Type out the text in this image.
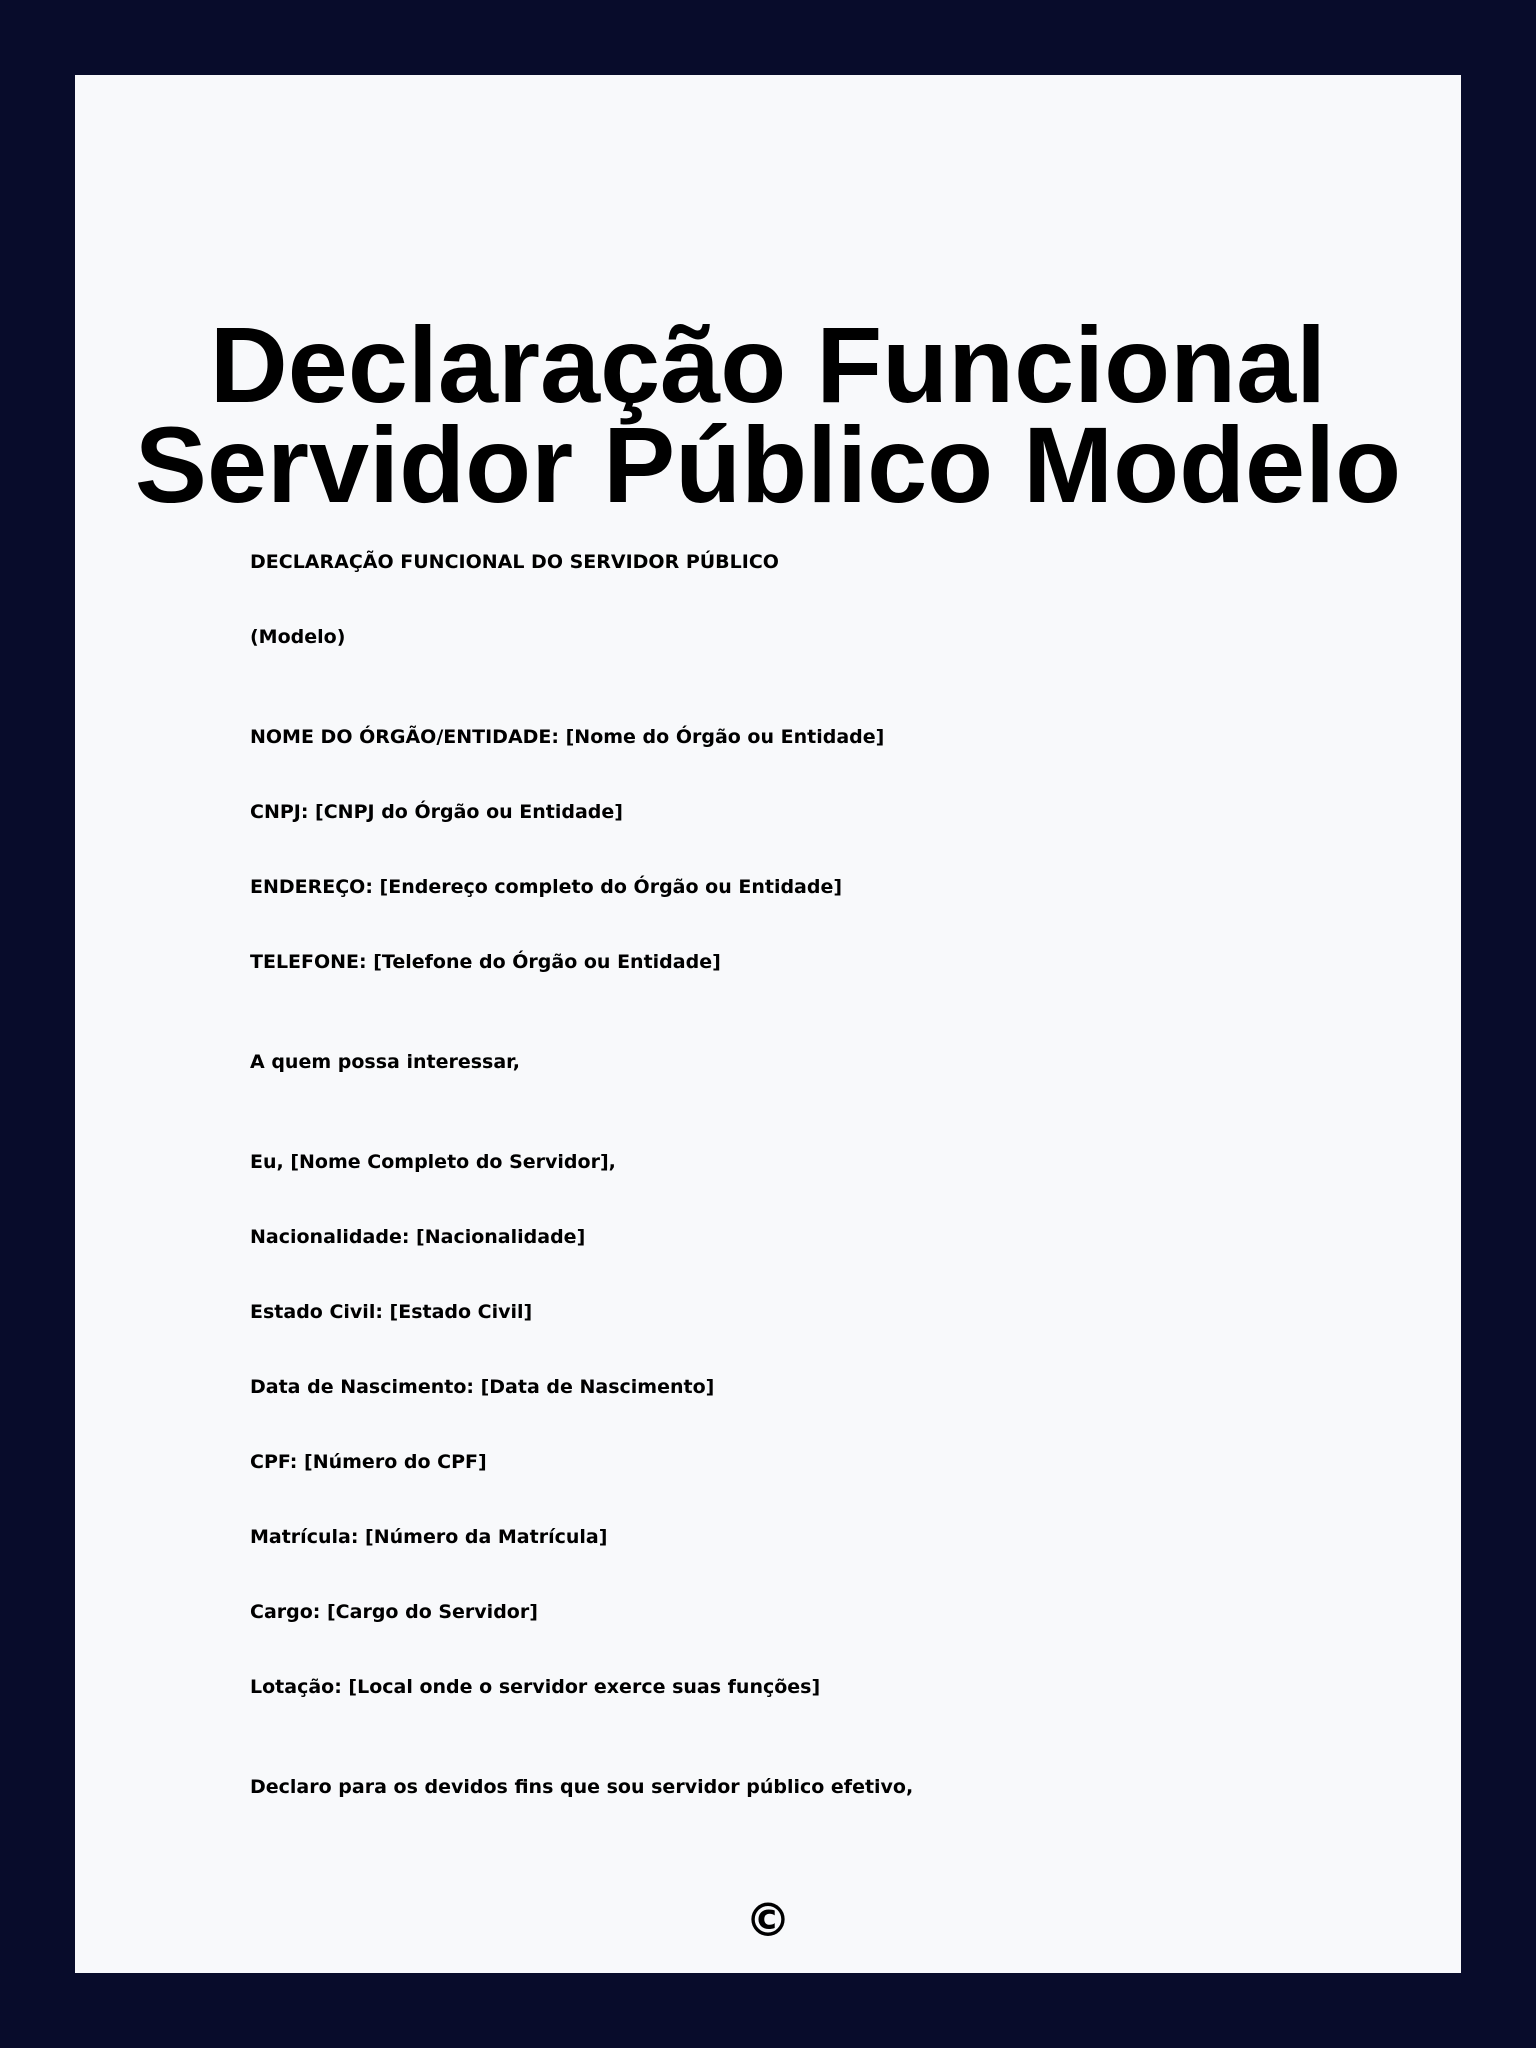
Declaração Funcional
Servidor Público Modelo

DECLARAÇÃO FUNCIONAL DO SERVIDOR PÚBLICO

(Modelo)

NOME DO ÓRGÃO/ENTIDADE: [Nome do Órgão ou Entidade]

CNPJ: [CNPJ do Órgão ou Entidade]

ENDEREÇO: [Endereço completo do Órgão ou Entidade]

TELEFONE: [Telefone do Órgão ou Entidade]

A quem possa interessar,

Eu, [Nome Completo do Servidor],

Nacionalidade: [Nacionalidade]

Estado Civil: [Estado Civil]

Data de Nascimento: [Data de Nascimento]

CPF: [Número do CPF]

Matrícula: [Número da Matrícula]

Cargo: [Cargo do Servidor]

Lotação: [Local onde o servidor exerce suas funções]

Declaro para os devidos fins que sou servidor público efetivo,

©
